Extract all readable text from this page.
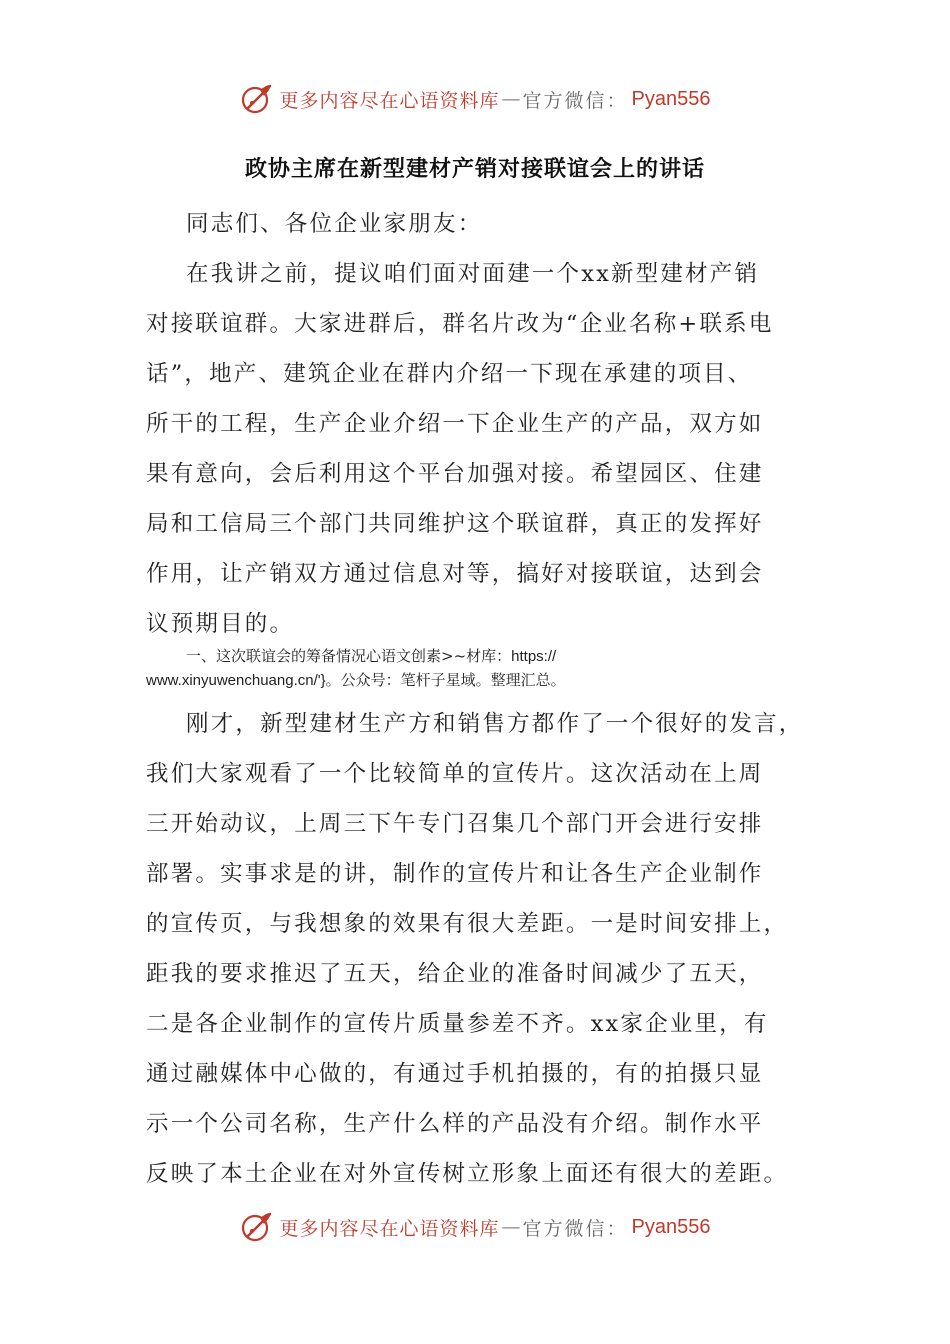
更多内容尽在心语资料库 — 官方微信： Pyan556
政协主席在新型建材产销对接联谊会上的讲话
同志们、各位企业家朋友：
在我讲之前，提议咱们面对面建一个xx新型建材产销
对接联谊群。大家进群后，群名片改为“企业名称+联系电
话”，地产、建筑企业在群内介绍一下现在承建的项目、
所干的工程，生产企业介绍一下企业生产的产品，双方如
果有意向，会后利用这个平台加强对接。希望园区、住建
局和工信局三个部门共同维护这个联谊群，真正的发挥好
作用，让产销双方通过信息对等，搞好对接联谊，达到会
议预期目的。
一、这次联谊会的筹备情况心语文创素>~材库：https://
www.xinyuwenchuang.cn/'}。公众号：笔杆子星域。整理汇总。
刚才，新型建材生产方和销售方都作了一个很好的发言，
我们大家观看了一个比较简单的宣传片。这次活动在上周
三开始动议，上周三下午专门召集几个部门开会进行安排
部署。实事求是的讲，制作的宣传片和让各生产企业制作
的宣传页，与我想象的效果有很大差距。一是时间安排上，
距我的要求推迟了五天，给企业的准备时间减少了五天，
二是各企业制作的宣传片质量参差不齐。xx家企业里，有
通过融媒体中心做的，有通过手机拍摄的，有的拍摄只显
示一个公司名称，生产什么样的产品没有介绍。制作水平
反映了本土企业在对外宣传树立形象上面还有很大的差距。
更多内容尽在心语资料库 — 官方微信： Pyan556
